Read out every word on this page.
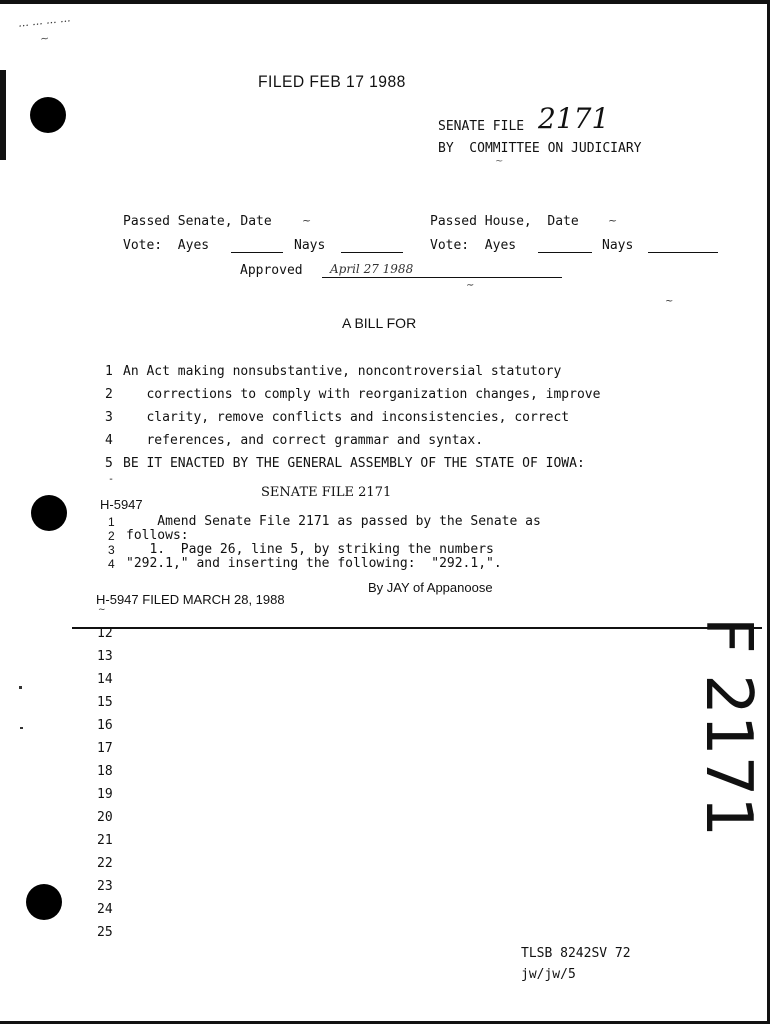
... ... ... ...
~
FILED FEB 17 1988
SENATE FILE 2171
BY  COMMITTEE ON JUDICIARY
~
Passed Senate, Date	~	Passed House,  Date	~
Vote:  Ayes	Nays	Vote:  Ayes	Nays
Approved April 27 1988
~
~
A BILL FOR
1 An Act making nonsubstantive, noncontroversial statutory
2 corrections to comply with reorganization changes, improve
3 clarity, remove conflicts and inconsistencies, correct
4 references, and correct grammar and syntax.
5 BE IT ENACTED BY THE GENERAL ASSEMBLY OF THE STATE OF IOWA:
-
SENATE FILE 2171
H-5947
1 Amend Senate File 2171 as passed by the Senate as
2 follows:
3 1.  Page 26, line 5, by striking the numbers
4 "292.1," and inserting the following:  "292.1,".
By JAY of Appanoose
H-5947 FILED MARCH 28, 1988
~
12
13
14
15
16
17
18
19
20
21
22
23
24
25
F 2171
TLSB 8242SV 72
jw/jw/5
